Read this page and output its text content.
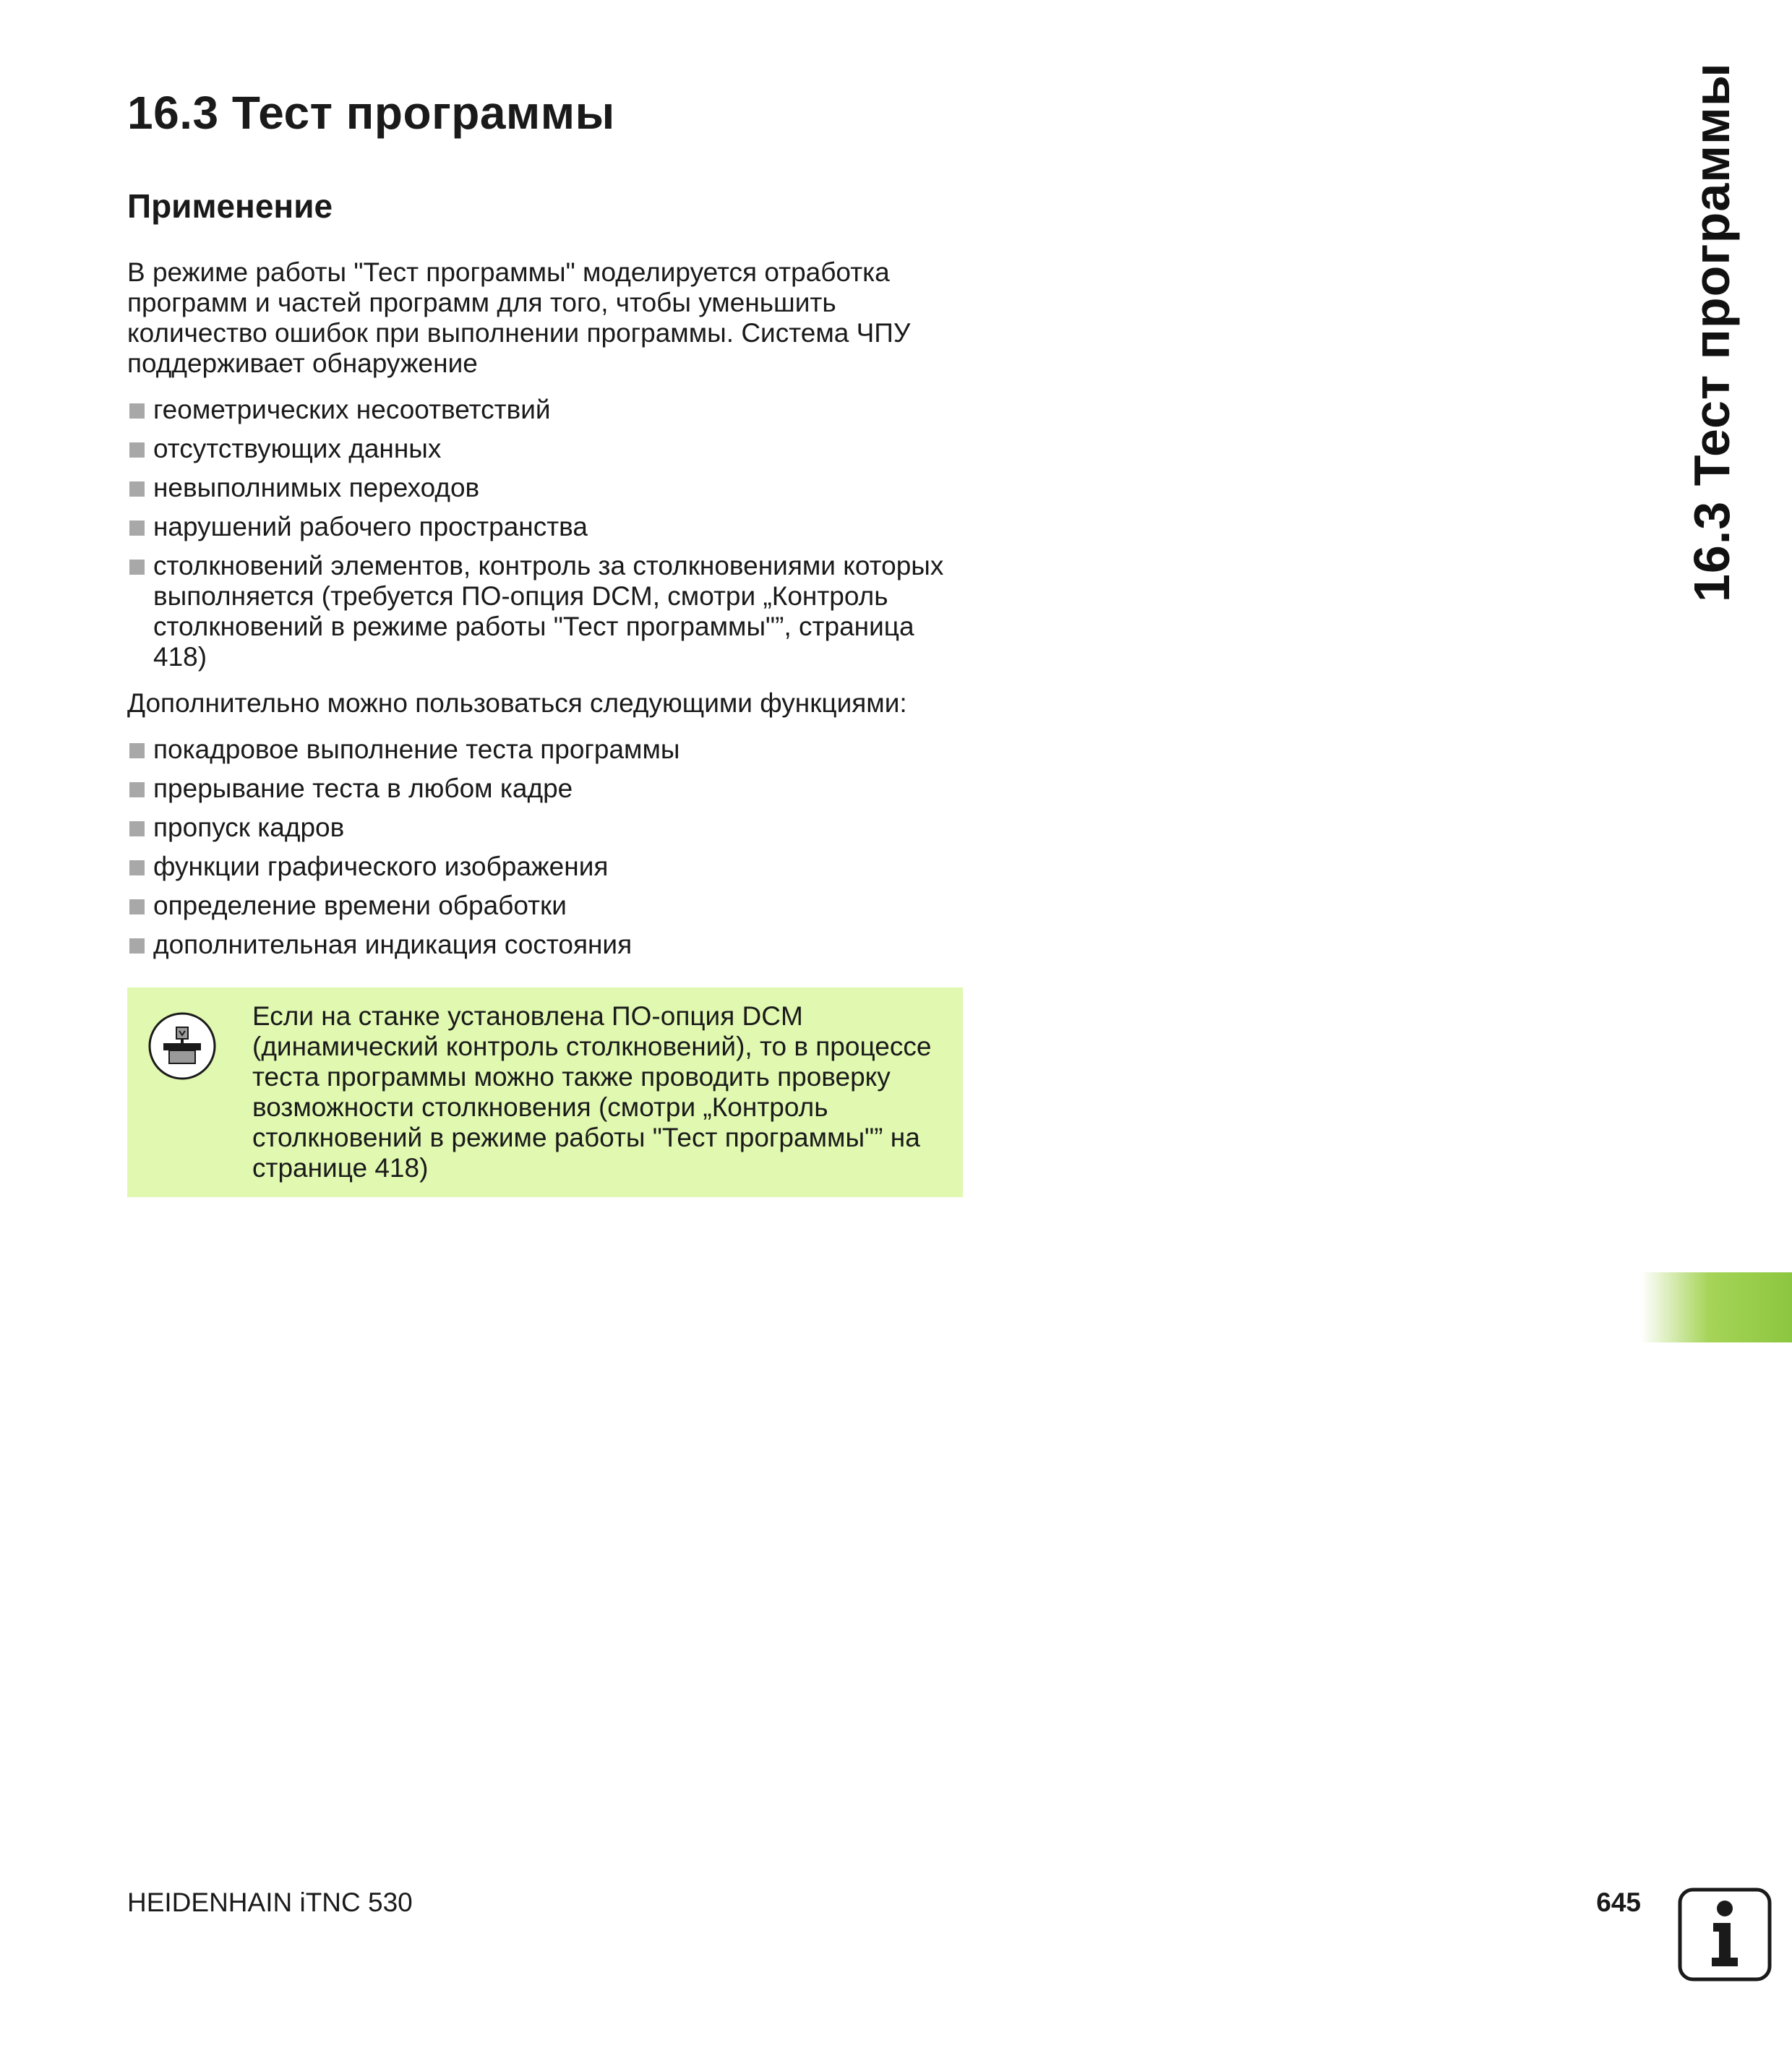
16.3 Тест программы
Применение

В режиме работы "Тест программы" моделируется отработка программ и частей программ для того, чтобы уменьшить количество ошибок при выполнении программы. Система ЧПУ поддерживает обнаружение

геометрических несоответствий
отсутствующих данных
невыполнимых переходов
нарушений рабочего пространства
столкновений элементов, контроль за столкновениями которых выполняется (требуется ПО-опция DCM, смотри „Контроль столкновений в режиме работы "Тест программы"”, страница 418)

Дополнительно можно пользоваться следующими функциями:

покадровое выполнение теста программы
прерывание теста в любом кадре
пропуск кадров
функции графического изображения
определение времени обработки
дополнительная индикация состояния

Если на станке установлена ПО-опция DCM (динамический контроль столкновений), то в процессе теста программы можно также проводить проверку возможности столкновения (смотри „Контроль столкновений в режиме работы "Тест программы"” на странице 418)

16.3 Тест программы
HEIDENHAIN iTNC 530	645
